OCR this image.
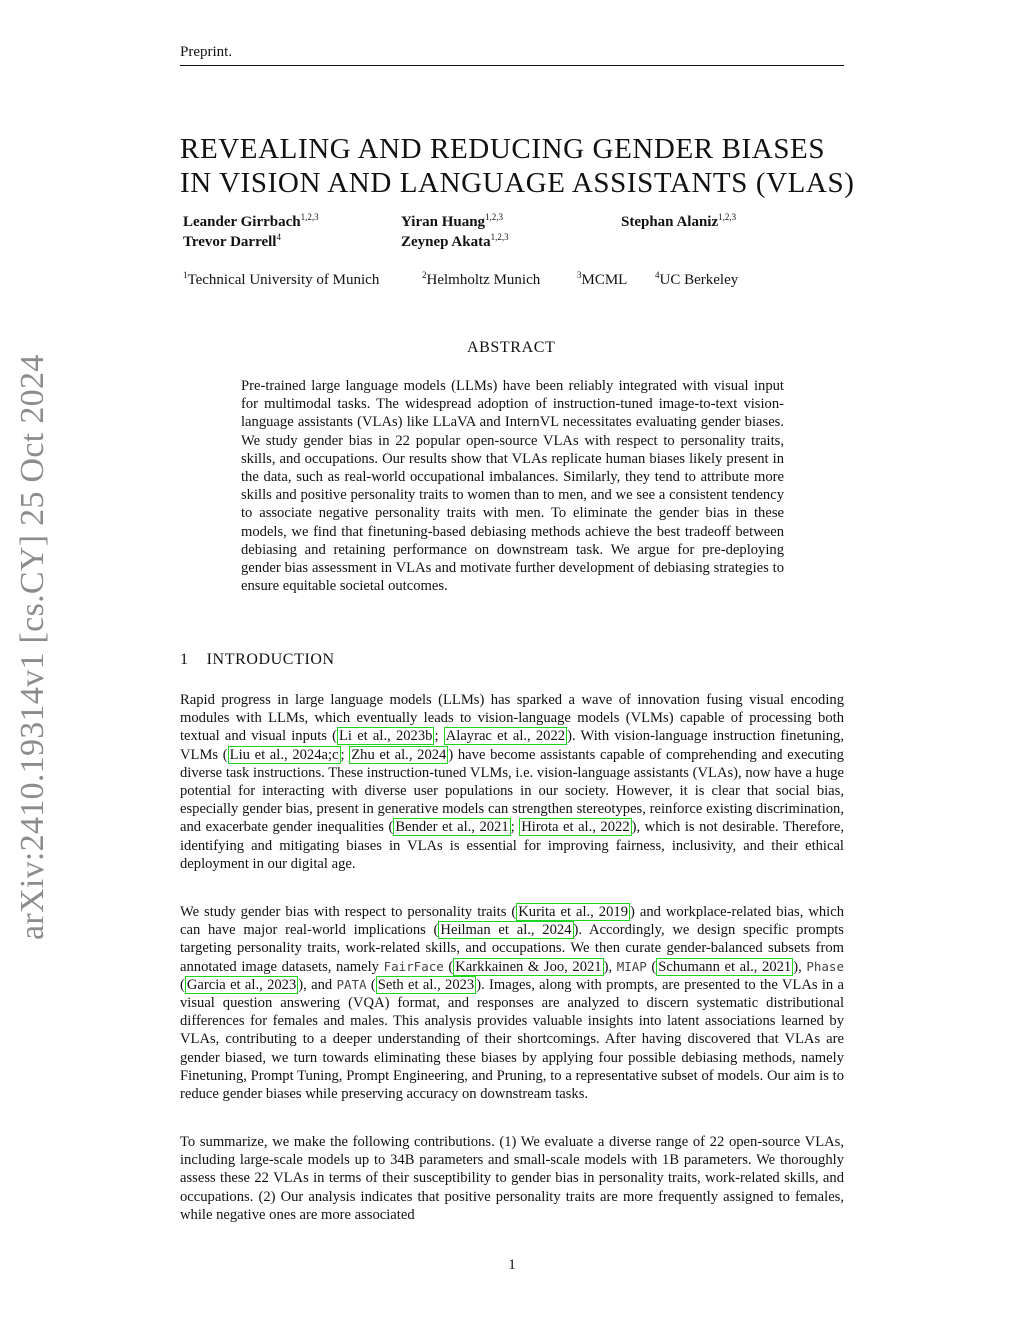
Preprint.
REVEALING AND REDUCING GENDER BIASES
IN VISION AND LANGUAGE ASSISTANTS (VLAS)
Leander Girrbach$^{1,2,3}$	Yiran Huang$^{1,2,3}$	Stephan Alaniz$^{1,2,3}$
Trevor Darrell$^4$	Zeynep Akata$^{1,2,3}$
$^1$Technical University of Munich	$^2$Helmholtz Munich	$^3$MCML	$^4$UC Berkeley
ABSTRACT

Pre-trained large language models (LLMs) have been reliably integrated with visual input for multimodal tasks. The widespread adoption of instruction-tuned image-to-text vision-language assistants (VLAs) like LLaVA and InternVL necessitates evaluating gender biases. We study gender bias in 22 popular open-source VLAs with respect to personality traits, skills, and occupations. Our results show that VLAs replicate human biases likely present in the data, such as real-world occupational imbalances. Similarly, they tend to attribute more skills and positive personality traits to women than to men, and we see a consistent tendency to associate negative personality traits with men. To eliminate the gender bias in these models, we find that finetuning-based debiasing methods achieve the best tradeoff between debiasing and retaining performance on downstream task. We argue for pre-deploying gender bias assessment in VLAs and motivate further development of debiasing strategies to ensure equitable societal outcomes.

1 INTRODUCTION

Rapid progress in large language models (LLMs) has sparked a wave of innovation fusing visual encoding modules with LLMs, which eventually leads to vision-language models (VLMs) capable of processing both textual and visual inputs ( Li et al., 2023b ; Alayrac et al., 2022 ). With vision-language instruction finetuning, VLMs ( Liu et al., 2024a;c ; Zhu et al., 2024 ) have become assistants capable of comprehending and executing diverse task instructions. These instruction-tuned VLMs, i.e. vision-language assistants (VLAs), now have a huge potential for interacting with diverse user populations in our society. However, it is clear that social bias, especially gender bias, present in generative models can strengthen stereotypes, reinforce existing discrimination, and exacerbate gender inequalities ( Bender et al., 2021 ; Hirota et al., 2022 ), which is not desirable. Therefore, identifying and mitigating biases in VLAs is essential for improving fairness, inclusivity, and their ethical deployment in our digital age.

We study gender bias with respect to personality traits ( Kurita et al., 2019 ) and workplace-related bias, which can have major real-world implications ( Heilman et al., 2024 ). Accordingly, we design specific prompts targeting personality traits, work-related skills, and occupations. We then curate gender-balanced subsets from annotated image datasets, namely FairFace ( Karkkainen & Joo, 2021 ), MIAP ( Schumann et al., 2021 ), Phase ( Garcia et al., 2023 ), and PATA ( Seth et al., 2023 ). Images, along with prompts, are presented to the VLAs in a visual question answering (VQA) format, and responses are analyzed to discern systematic distributional differences for females and males. This analysis provides valuable insights into latent associations learned by VLAs, contributing to a deeper understanding of their shortcomings. After having discovered that VLAs are gender biased, we turn towards eliminating these biases by applying four possible debiasing methods, namely Finetuning, Prompt Tuning, Prompt Engineering, and Pruning, to a representative subset of models. Our aim is to reduce gender biases while preserving accuracy on downstream tasks.

To summarize, we make the following contributions. (1) We evaluate a diverse range of 22 open-source VLAs, including large-scale models up to 34B parameters and small-scale models with 1B parameters. We thoroughly assess these 22 VLAs in terms of their susceptibility to gender bias in personality traits, work-related skills, and occupations. (2) Our analysis indicates that positive personality traits are more frequently assigned to females, while negative ones are more associated

1
arXiv:2410.19314v1 [cs.CY] 25 Oct 2024
